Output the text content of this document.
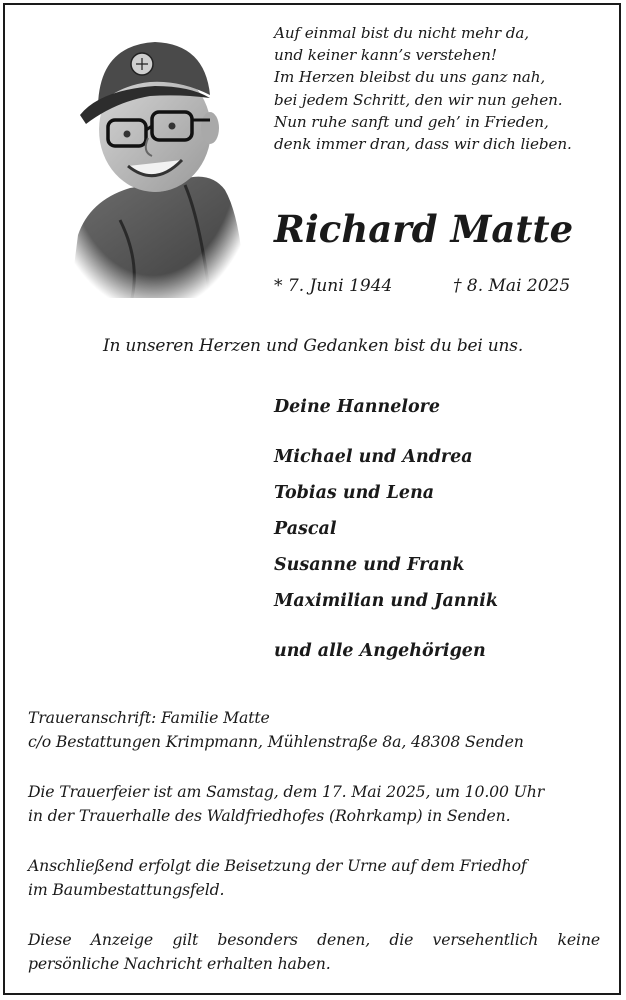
Auf einmal bist du nicht mehr da,
und keiner kann’s verstehen!
Im Herzen bleibst du uns ganz nah,
bei jedem Schritt, den wir nun gehen.
Nun ruhe sanft und geh’ in Frieden,
denk immer dran, dass wir dich lieben.
Richard Matte
* 7. Juni 1944	† 8. Mai 2025
In unseren Herzen und Gedanken bist du bei uns.
Deine Hannelore
Michael und Andrea
Tobias und Lena
Pascal
Susanne und Frank
Maximilian und Jannik
und alle Angehörigen
Traueranschrift: Familie Matte
c/o Bestattungen Krimpmann, Mühlenstraße 8a, 48308 Senden
Die Trauerfeier ist am Samstag, dem 17. Mai 2025, um 10.00 Uhr
in der Trauerhalle des Waldfriedhofes (Rohrkamp) in Senden.
Anschließend erfolgt die Beisetzung der Urne auf dem Friedhof
im Baumbestattungsfeld.
Diese Anzeige gilt besonders denen, die versehentlich keine
persönliche Nachricht erhalten haben.
